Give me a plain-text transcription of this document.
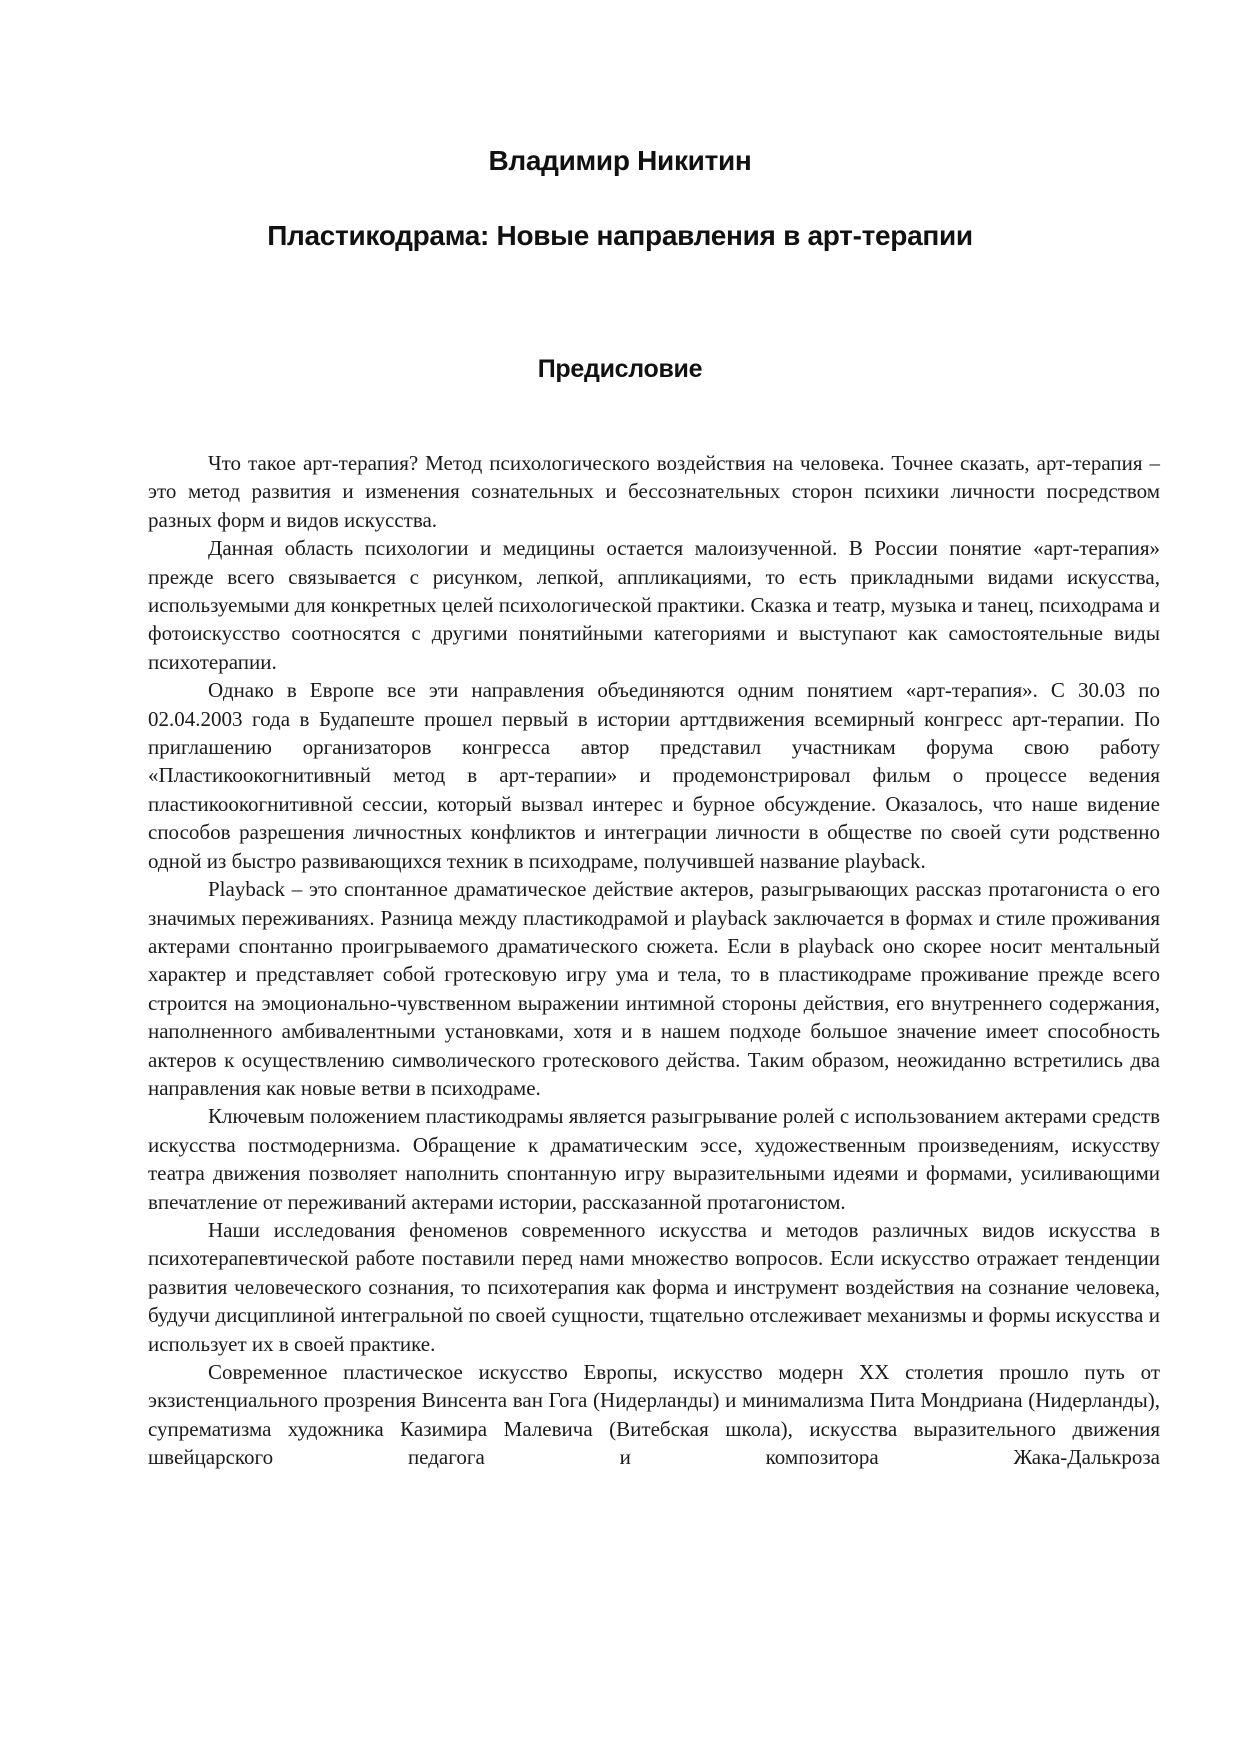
Владимир Никитин
Пластикодрама: Новые направления в арт-терапии
Предисловие

Что такое арт-терапия? Метод психологического воздействия на человека. Точнее сказать, арт-терапия – это метод развития и изменения сознательных и бессознательных сторон психики личности посредством разных форм и видов искусства.

Данная область психологии и медицины остается малоизученной. В России понятие «арт-терапия» прежде всего связывается с рисунком, лепкой, аппликациями, то есть прикладными видами искусства, используемыми для конкретных целей психологической практики. Сказка и театр, музыка и танец, психодрама и фотоискусство соотносятся с другими понятийными категориями и выступают как самостоятельные виды психотерапии.

Однако в Европе все эти направления объединяются одним понятием «арт-терапия». С 30.03 по 02.04.2003 года в Будапеште прошел первый в истории арттдвижения всемирный конгресс арт-терапии. По приглашению организаторов конгресса автор представил участникам форума свою работу «Пластикоокогнитивный метод в арт-терапии» и продемонстрировал фильм о процессе ведения пластикоокогнитивной сессии, который вызвал интерес и бурное обсуждение. Оказалось, что наше видение способов разрешения личностных конфликтов и интеграции личности в обществе по своей сути родственно одной из быстро развивающихся техник в психодраме, получившей название playback.

Playback – это спонтанное драматическое действие актеров, разыгрывающих рассказ протагониста о его значимых переживаниях. Разница между пластикодрамой и playback заключается в формах и стиле проживания актерами спонтанно проигрываемого драматического сюжета. Если в playback оно скорее носит ментальный характер и представляет собой гротесковую игру ума и тела, то в пластикодраме проживание прежде всего строится на эмоционально-чувственном выражении интимной стороны действия, его внутреннего содержания, наполненного амбивалентными установками, хотя и в нашем подходе большое значение имеет способность актеров к осуществлению символического гротескового действа. Таким образом, неожиданно встретились два направления как новые ветви в психодраме.

Ключевым положением пластикодрамы является разыгрывание ролей с использованием актерами средств искусства постмодернизма. Обращение к драматическим эссе, художественным произведениям, искусству театра движения позволяет наполнить спонтанную игру выразительными идеями и формами, усиливающими впечатление от переживаний актерами истории, рассказанной протагонистом.

Наши исследования феноменов современного искусства и методов различных видов искусства в психотерапевтической работе поставили перед нами множество вопросов. Если искусство отражает тенденции развития человеческого сознания, то психотерапия как форма и инструмент воздействия на сознание человека, будучи дисциплиной интегральной по своей сущности, тщательно отслеживает механизмы и формы искусства и использует их в своей практике.

Современное пластическое искусство Европы, искусство модерн XX столетия прошло путь от экзистенциального прозрения Винсента ван Гога (Нидерланды) и минимализма Пита Мондриана (Нидерланды), супрематизма художника Казимира Малевича (Витебская школа), искусства выразительного движения швейцарского педагога и композитора Жака-Далькроза
